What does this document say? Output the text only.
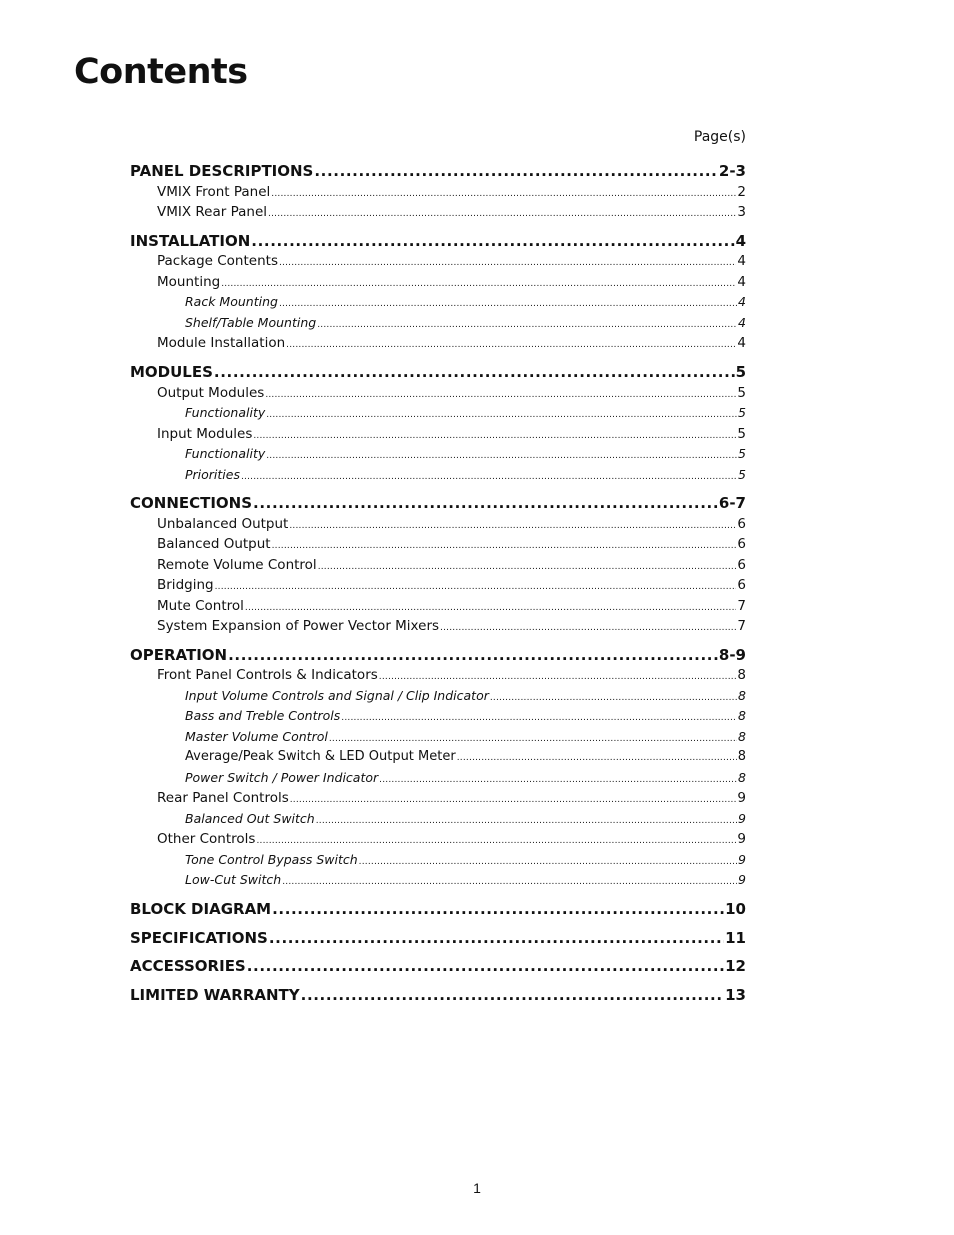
Contents
Page(s)
PANEL DESCRIPTIONS .....	2-3
VMIX Front Panel .....	2
VMIX Rear Panel .....	3
INSTALLATION .....	4
Package Contents .....	4
Mounting .....	4
Rack Mounting .....	4
Shelf/Table Mounting .....	4
Module Installation .....	4
MODULES .....	5
Output Modules .....	5
Functionality .....	5
Input Modules .....	5
Functionality .....	5
Priorities .....	5
CONNECTIONS .....	6-7
Unbalanced Output .....	6
Balanced Output .....	6
Remote Volume Control .....	6
Bridging .....	6
Mute Control .....	7
System Expansion of Power Vector Mixers .....	7
OPERATION .....	8-9
Front Panel Controls & Indicators .....	8
Input Volume Controls and Signal / Clip Indicator .....	8
Bass and Treble Controls .....	8
Master Volume Control .....	8
Average/Peak Switch & LED Output Meter .....	8
Power Switch / Power Indicator .....	8
Rear Panel Controls .....	9
Balanced Out Switch .....	9
Other Controls .....	9
Tone Control Bypass Switch .....	9
Low-Cut Switch .....	9
BLOCK DIAGRAM .....	10
SPECIFICATIONS .....	11
ACCESSORIES .....	12
LIMITED WARRANTY .....	13
1
